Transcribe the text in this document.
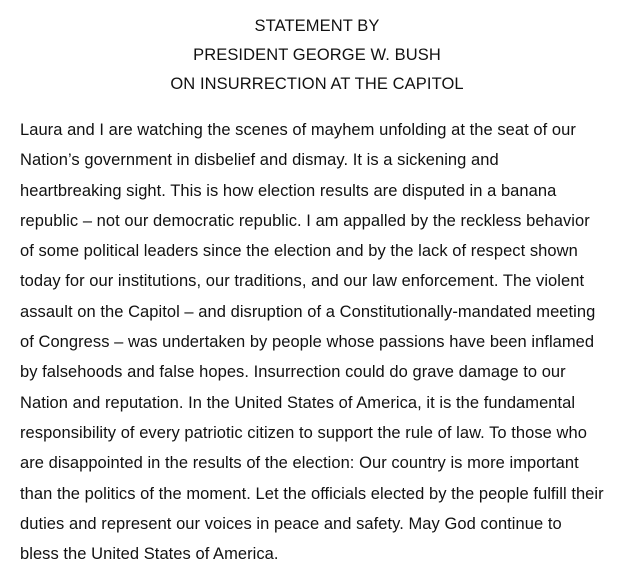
STATEMENT BY
PRESIDENT GEORGE W. BUSH
ON INSURRECTION AT THE CAPITOL
Laura and I are watching the scenes of mayhem unfolding at the seat of our
Nation’s government in disbelief and dismay. It is a sickening and
heartbreaking sight. This is how election results are disputed in a banana
republic – not our democratic republic. I am appalled by the reckless behavior
of some political leaders since the election and by the lack of respect shown
today for our institutions, our traditions, and our law enforcement. The violent
assault on the Capitol – and disruption of a Constitutionally-mandated meeting
of Congress – was undertaken by people whose passions have been inflamed
by falsehoods and false hopes. Insurrection could do grave damage to our
Nation and reputation. In the United States of America, it is the fundamental
responsibility of every patriotic citizen to support the rule of law. To those who
are disappointed in the results of the election: Our country is more important
than the politics of the moment. Let the officials elected by the people fulfill their
duties and represent our voices in peace and safety. May God continue to
bless the United States of America.
